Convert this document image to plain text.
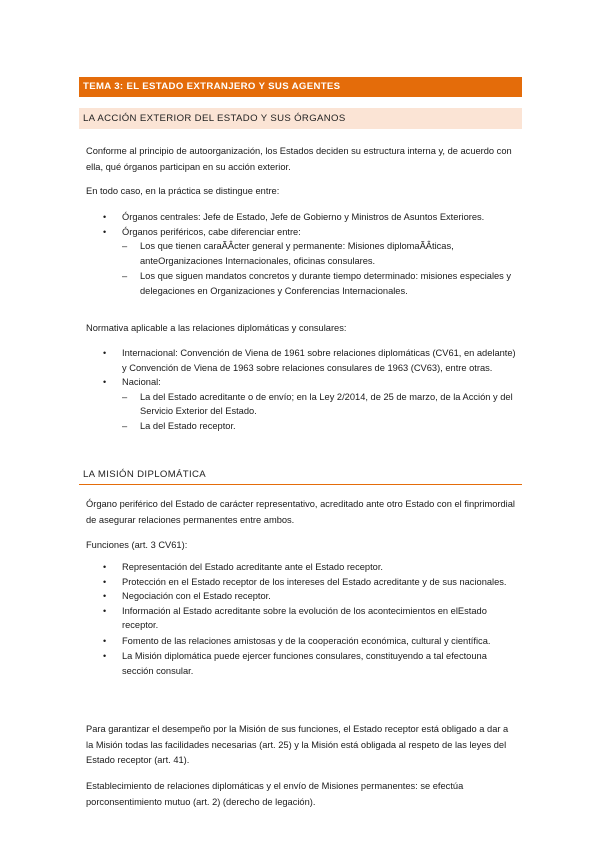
TEMA 3: EL ESTADO EXTRANJERO Y SUS AGENTES
LA ACCIÓN EXTERIOR DEL ESTADO Y SUS ÓRGANOS
Conforme al principio de autoorganización, los Estados deciden su estructura interna y, de acuerdo con ella, qué órganos participan en su acción exterior.
En todo caso, en la práctica se distingue entre:
• Órganos centrales: Jefe de Estado, Jefe de Gobierno y Ministros de Asuntos Exteriores.
• Órganos periféricos, cabe diferenciar entre:
– Los que tienen caraÃÂcter general y permanente: Misiones diplomaÃÂticas, anteOrganizaciones Internacionales, oficinas consulares.
– Los que siguen mandatos concretos y durante tiempo determinado: misiones especiales y delegaciones en Organizaciones y Conferencias Internacionales.
Normativa aplicable a las relaciones diplomáticas y consulares:
• Internacional: Convención de Viena de 1961 sobre relaciones diplomáticas (CV61, en adelante) y Convención de Viena de 1963 sobre relaciones consulares de 1963 (CV63), entre otras.
• Nacional:
– La del Estado acreditante o de envío; en la Ley 2/2014, de 25 de marzo, de la Acción y del Servicio Exterior del Estado.
– La del Estado receptor.
LA MISIÓN DIPLOMÁTICA
Órgano periférico del Estado de carácter representativo, acreditado ante otro Estado con el finprimordial de asegurar relaciones permanentes entre ambos.
Funciones (art. 3 CV61):
• Representación del Estado acreditante ante el Estado receptor.
• Protección en el Estado receptor de los intereses del Estado acreditante y de sus nacionales.
• Negociación con el Estado receptor.
• Información al Estado acreditante sobre la evolución de los acontecimientos en elEstado receptor.
• Fomento de las relaciones amistosas y de la cooperación económica, cultural y científica.
• La Misión diplomática puede ejercer funciones consulares, constituyendo a tal efectouna sección consular.
Para garantizar el desempeño por la Misión de sus funciones, el Estado receptor está obligado a dar a la Misión todas las facilidades necesarias (art. 25) y la Misión está obligada al respeto de las leyes del Estado receptor (art. 41).
Establecimiento de relaciones diplomáticas y el envío de Misiones permanentes: se efectúa porconsentimiento mutuo (art. 2) (derecho de legación).
